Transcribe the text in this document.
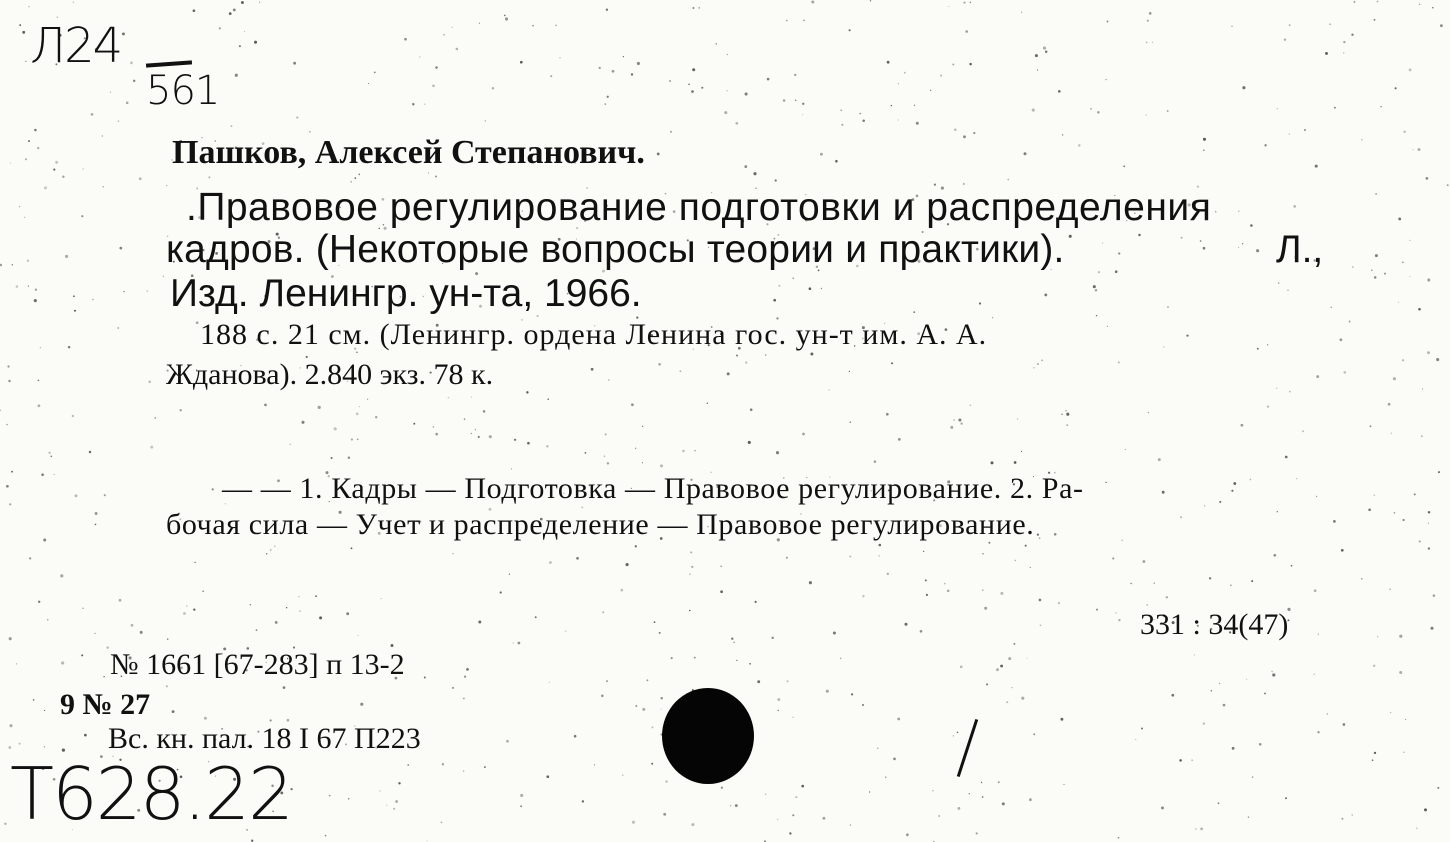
Л24
561
Пашков, Алексей Степанович.
.Правовое регулирование подготовки и распределения
кадров. (Некоторые вопросы теории и практики).	Л.,
Изд. Ленингр. ун-та, 1966.
188 с. 21 см. (Ленингр. ордена Ленина гос. ун-т им. А. А.
Жданова). 2.840 экз. 78 к.
— — 1. Кадры — Подготовка — Правовое регулирование. 2. Ра-
бочая сила — Учет и распределение — Правовое регулирование.
331 : 34(47)
№ 1661 [67-283] п 13-2
9 № 27
Вс. кн. пал. 18 I 67 П223
T628.22
